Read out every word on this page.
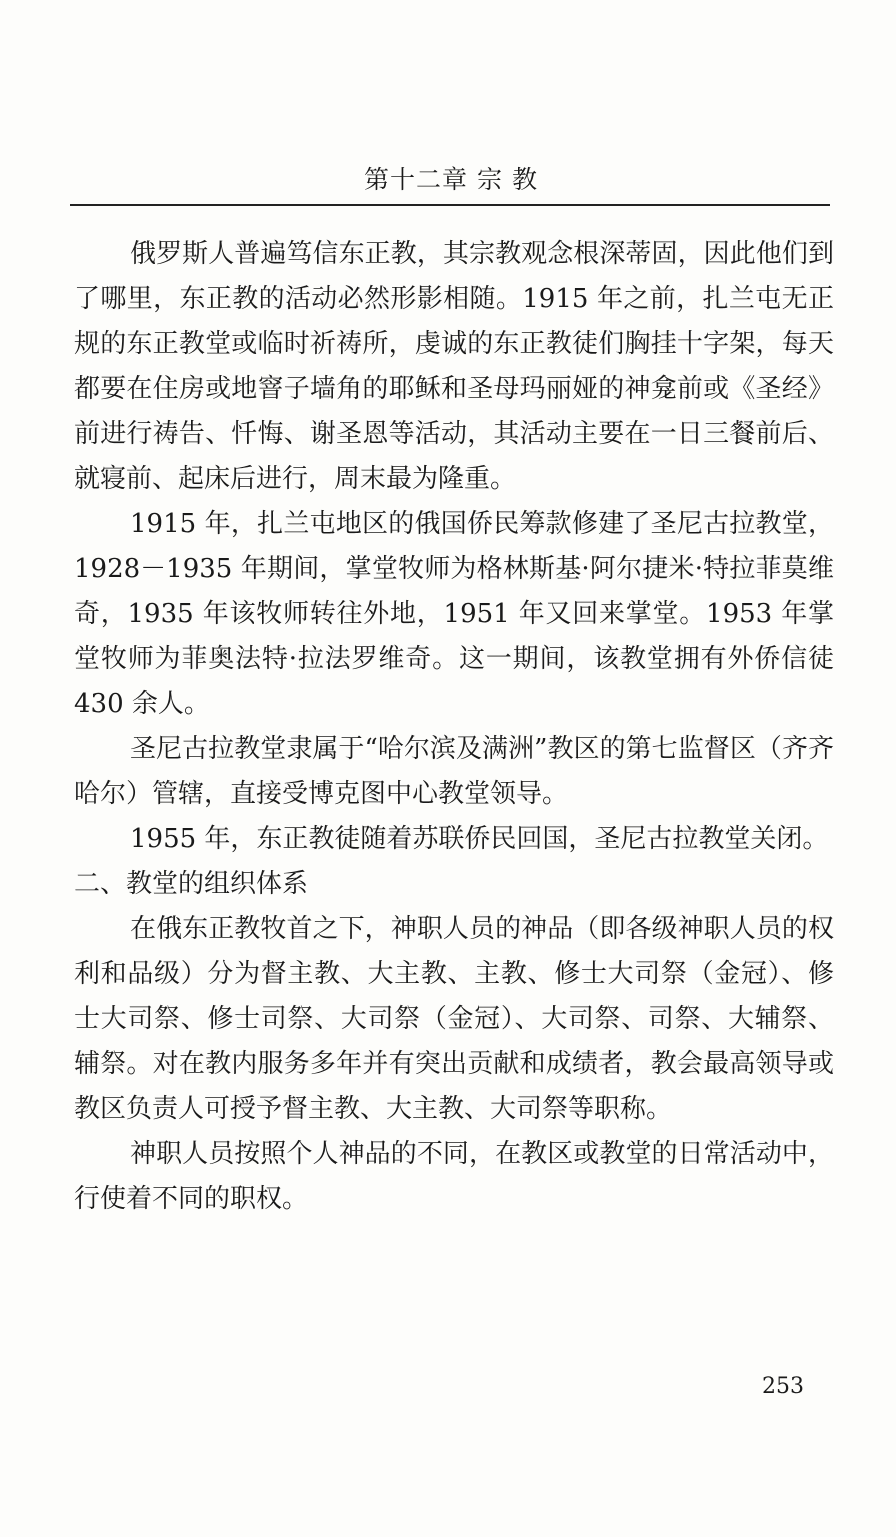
第十二章 宗 教

俄罗斯人普遍笃信东正教，其宗教观念根深蒂固，因此他们到了哪里，东正教的活动必然形影相随。1915 年之前，扎兰屯无正规的东正教堂或临时祈祷所，虔诚的东正教徒们胸挂十字架，每天都要在住房或地窨子墙角的耶稣和圣母玛丽娅的神龛前或《圣经》前进行祷告、忏悔、谢圣恩等活动，其活动主要在一日三餐前后、就寝前、起床后进行，周末最为隆重。

1915 年，扎兰屯地区的俄国侨民筹款修建了圣尼古拉教堂，1928－1935 年期间，掌堂牧师为格林斯基·阿尔捷米·特拉菲莫维奇，1935 年该牧师转往外地，1951 年又回来掌堂。1953 年掌堂牧师为菲奥法特·拉法罗维奇。这一期间，该教堂拥有外侨信徒 430 余人。

圣尼古拉教堂隶属于“哈尔滨及满洲”教区的第七监督区（齐齐哈尔）管辖，直接受博克图中心教堂领导。

1955 年，东正教徒随着苏联侨民回国，圣尼古拉教堂关闭。

二、教堂的组织体系

在俄东正教牧首之下，神职人员的神品（即各级神职人员的权利和品级）分为督主教、大主教、主教、修士大司祭（金冠）、修士大司祭、修士司祭、大司祭（金冠）、大司祭、司祭、大辅祭、辅祭。对在教内服务多年并有突出贡献和成绩者，教会最高领导或教区负责人可授予督主教、大主教、大司祭等职称。

神职人员按照个人神品的不同，在教区或教堂的日常活动中，行使着不同的职权。

253
